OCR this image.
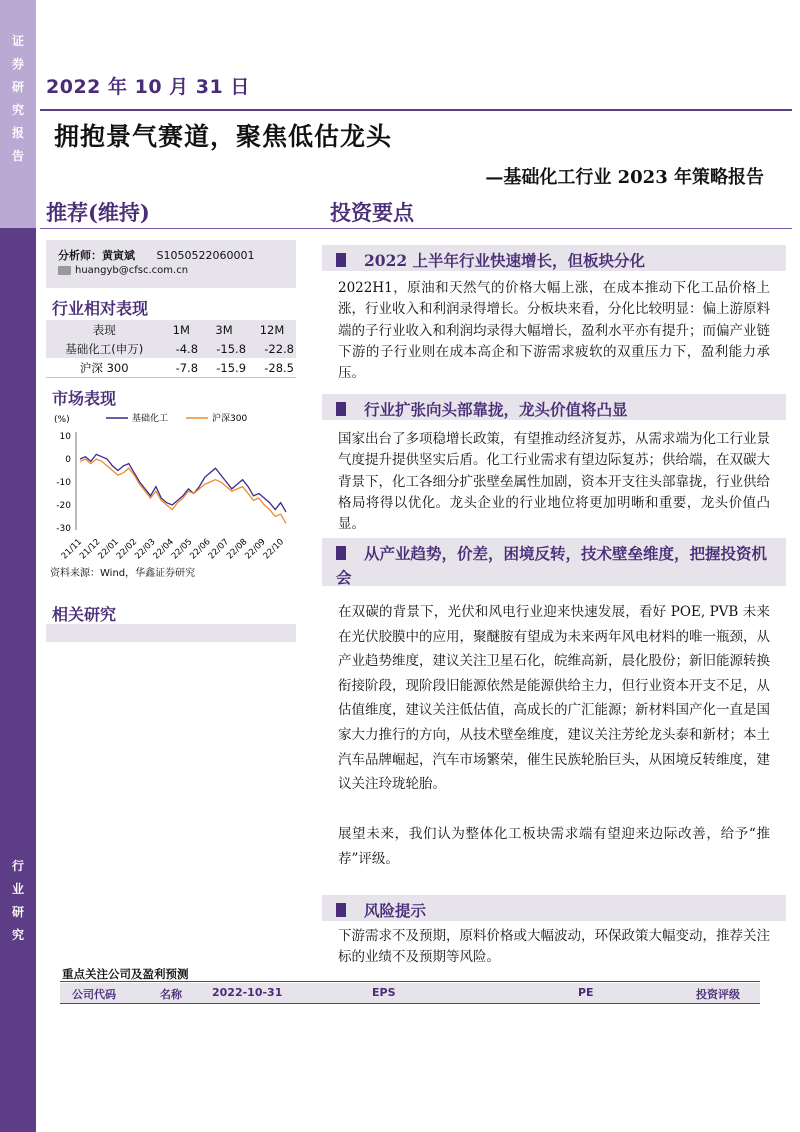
证
券
研
究
报
告
行
业
研
究
2022 年 10 月 31 日
拥抱景气赛道，聚焦低估龙头
—基础化工行业 2023 年策略报告
推荐(维持)	投资要点
分析师：黄寅斌 S1050522060001
huangyb@cfsc.com.cn
行业相对表现
表现	1M	3M	12M
基础化工(申万)	-4.8	-15.8	-22.8
沪深 300	-7.8	-15.9	-28.5
市场表现
(%)	基础化工	沪深300
10
0
-10
-20
-30
21/11
21/12
22/01
22/02
22/03
22/04
22/05
22/06
22/07
22/08
22/09
22/10
资料来源：Wind，华鑫证券研究
相关研究
2022 上半年行业快速增长，但板块分化
2022H1，原油和天然气的价格大幅上涨，在成本推动下化工品价格上涨，行业收入和利润录得增长。分板块来看，分化比较明显：偏上游原料端的子行业收入和利润均录得大幅增长，盈利水平亦有提升；而偏产业链下游的子行业则在成本高企和下游需求疲软的双重压力下，盈利能力承压。
行业扩张向头部靠拢，龙头价值将凸显
国家出台了多项稳增长政策，有望推动经济复苏，从需求端为化工行业景气度提升提供坚实后盾。化工行业需求有望边际复苏；供给端，在双碳大背景下，化工各细分扩张壁垒属性加剧，资本开支往头部靠拢，行业供给格局将得以优化。龙头企业的行业地位将更加明晰和重要，龙头价值凸显。
从产业趋势，价差，困境反转，技术壁垒维度，把握投资机会
在双碳的背景下，光伏和风电行业迎来快速发展，看好 POE, PVB 未来在光伏胶膜中的应用，聚醚胺有望成为未来两年风电材料的唯一瓶颈，从产业趋势维度，建议关注卫星石化，皖维高新，晨化股份；新旧能源转换衔接阶段，现阶段旧能源依然是能源供给主力，但行业资本开支不足，从估值维度，建议关注低估值，高成长的广汇能源；新材料国产化一直是国家大力推行的方向，从技术壁垒维度，建议关注芳纶龙头泰和新材；本土汽车品牌崛起，汽车市场繁荣，催生民族轮胎巨头，从困境反转维度，建议关注玲珑轮胎。
展望未来，我们认为整体化工板块需求端有望迎来边际改善，给予“推荐”评级。
风险提示
下游需求不及预期，原料价格或大幅波动，环保政策大幅变动，推荐关注标的业绩不及预期等风险。
重点关注公司及盈利预测
公司代码	名称	2022-10-31	EPS	PE	投资评级
